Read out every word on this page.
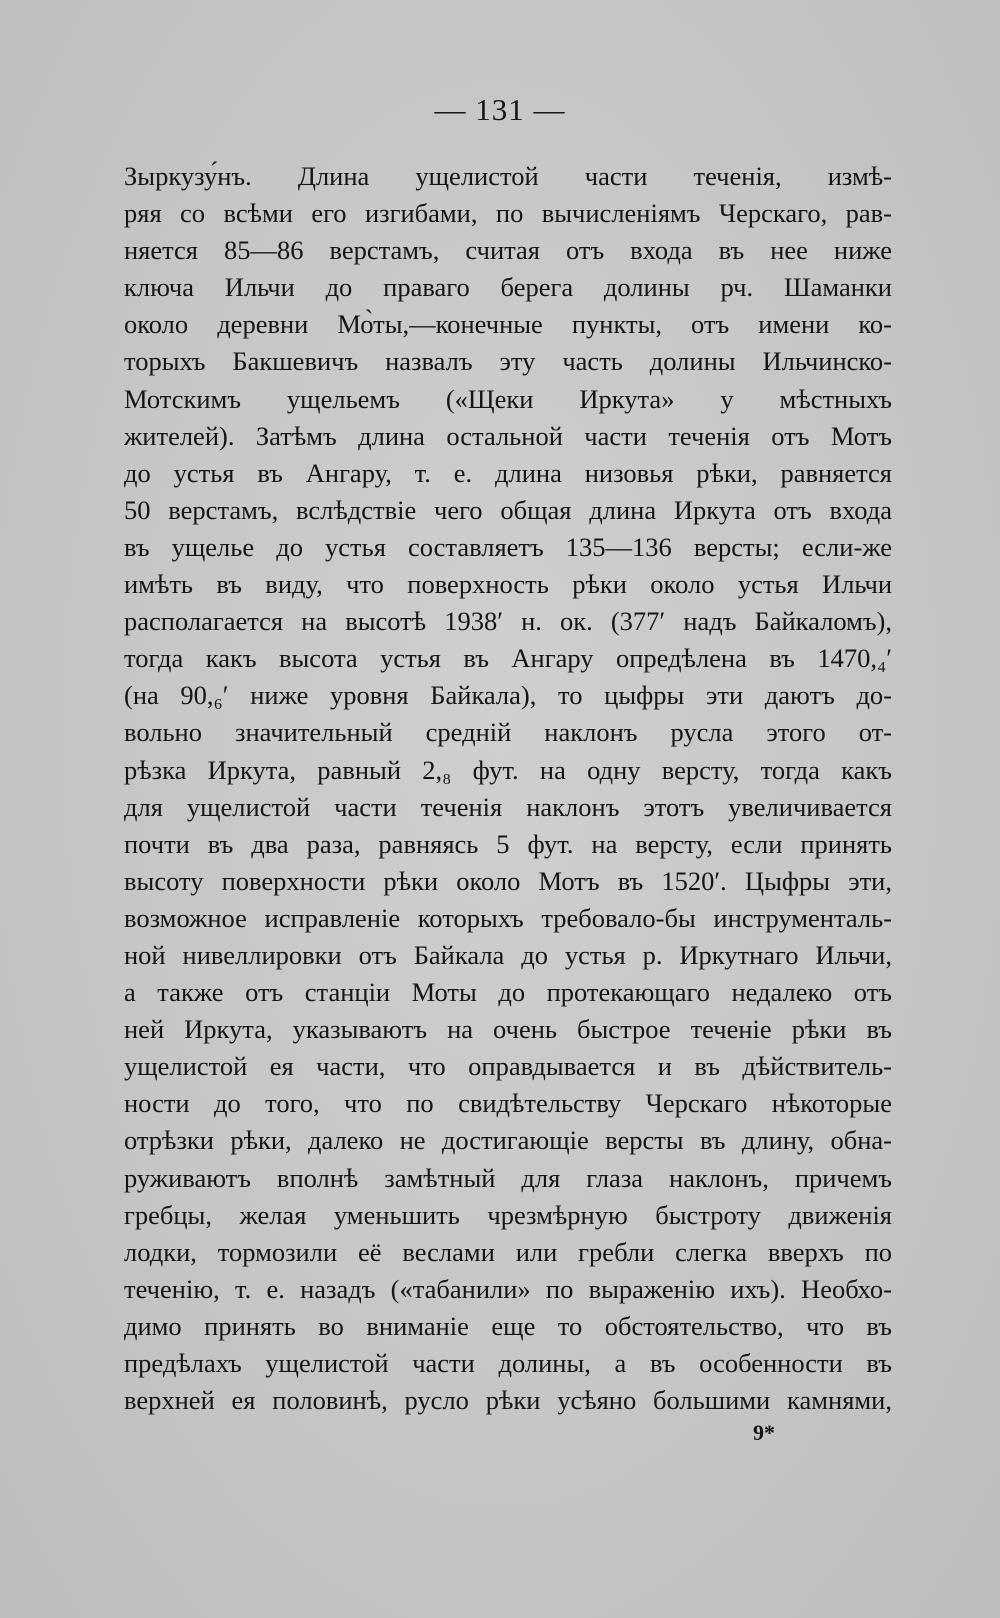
— 131 —
Зыркузу́нъ. Длина ущелистой части теченія, измѣ-
ряя со всѣми его изгибами, по вычисленіямъ Черскаго, рав-
няется 85—86 верстамъ, считая отъ входа въ нее ниже
ключа Ильчи до праваго берега долины рч. Шаманки
около деревни Мо̀ты,—конечные пункты, отъ имени ко-
торыхъ Бакшевичъ назвалъ эту часть долины Ильчинско-
Мотскимъ ущельемъ («Щеки Иркута» у мѣстныхъ
жителей). Затѣмъ длина остальной части теченія отъ Мотъ
до устья въ Ангару, т. е. длина низовья рѣки, равняется
50 верстамъ, вслѣдствіе чего общая длина Иркута отъ входа
въ ущелье до устья составляетъ 135—136 версты; если-же
имѣть въ виду, что поверхность рѣки около устья Ильчи
располагается на высотѣ 1938′ н. ок. (377′ надъ Байкаломъ),
тогда какъ высота устья въ Ангару опредѣлена въ 1470,₄′
(на 90,₆′ ниже уровня Байкала), то цыфры эти даютъ до-
вольно значительный средній наклонъ русла этого от-
рѣзка Иркута, равный 2,₈ фут. на одну версту, тогда какъ
для ущелистой части теченія наклонъ этотъ увеличивается
почти въ два раза, равняясь 5 фут. на версту, если принять
высоту поверхности рѣки около Мотъ въ 1520′. Цыфры эти,
возможное исправленіе которыхъ требовало-бы инструменталь-
ной нивеллировки отъ Байкала до устья р. Иркутнаго Ильчи,
а также отъ станціи Моты до протекающаго недалеко отъ
ней Иркута, указываютъ на очень быстрое теченіе рѣки въ
ущелистой ея части, что оправдывается и въ дѣйствитель-
ности до того, что по свидѣтельству Черскаго нѣкоторые
отрѣзки рѣки, далеко не достигающіе версты въ длину, обна-
руживаютъ вполнѣ замѣтный для глаза наклонъ, причемъ
гребцы, желая уменьшить чрезмѣрную быстроту движенія
лодки, тормозили её веслами или гребли слегка вверхъ по
теченію, т. е. назадъ («табанили» по выраженію ихъ). Необхо-
димо принять во вниманіе еще то обстоятельство, что въ
предѣлахъ ущелистой части долины, а въ особенности въ
верхней ея половинѣ, русло рѣки усѣяно большими камнями,
9*
